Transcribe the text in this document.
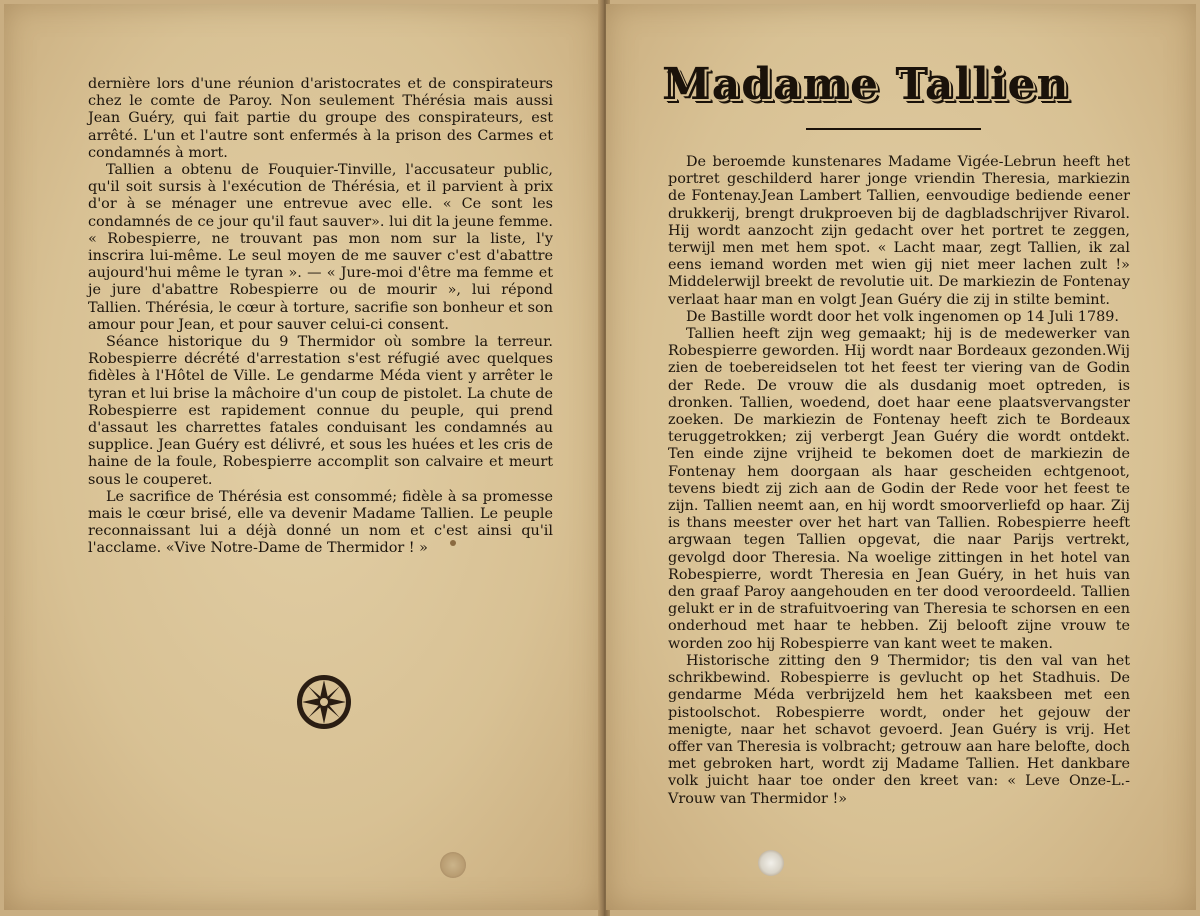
dernière lors d'une réunion d'aristocrates et de conspirateurs chez le comte de Paroy. Non seulement Thérésia mais aussi Jean Guéry, qui fait partie du groupe des conspirateurs, est arrêté. L'un et l'autre sont enfermés à la prison des Carmes et condamnés à mort.

Tallien a obtenu de Fouquier-Tinville, l'accusateur public, qu'il soit sursis à l'exécution de Thérésia, et il parvient à prix d'or à se ménager une entrevue avec elle. « Ce sont les condamnés de ce jour qu'il faut sauver». lui dit la jeune femme. « Robespierre, ne trouvant pas mon nom sur la liste, l'y inscrira lui-même. Le seul moyen de me sauver c'est d'abattre aujourd'hui même le tyran ». — « Jure-moi d'être ma femme et je jure d'abattre Robespierre ou de mourir », lui répond Tallien. Thérésia, le cœur à torture, sacrifie son bonheur et son amour pour Jean, et pour sauver celui-ci consent.

Séance historique du 9 Thermidor où sombre la terreur. Robespierre décrété d'arrestation s'est réfugié avec quelques fidèles à l'Hôtel de Ville. Le gendarme Méda vient y arrêter le tyran et lui brise la mâchoire d'un coup de pistolet. La chute de Robespierre est rapidement connue du peuple, qui prend d'assaut les charrettes fatales conduisant les condamnés au supplice. Jean Guéry est délivré, et sous les huées et les cris de haine de la foule, Robespierre accomplit son calvaire et meurt sous le couperet.

Le sacrifice de Thérésia est consommé; fidèle à sa promesse mais le cœur brisé, elle va devenir Madame Tallien. Le peuple reconnaissant lui a déjà donné un nom et c'est ainsi qu'il l'acclame. «Vive Notre-Dame de Thermidor ! »

Madame Tallien

De beroemde kunstenares Madame Vigée-Lebrun heeft het portret geschilderd harer jonge vriendin Theresia, markiezin de Fontenay.Jean Lambert Tallien, eenvoudige bediende eener drukkerij, brengt drukproeven bij de dagbladschrijver Rivarol. Hij wordt aanzocht zijn gedacht over het portret te zeggen, terwijl men met hem spot. « Lacht maar, zegt Tallien, ik zal eens iemand worden met wien gij niet meer lachen zult !» Middelerwijl breekt de revolutie uit. De markiezin de Fontenay verlaat haar man en volgt Jean Guéry die zij in stilte bemint.

De Bastille wordt door het volk ingenomen op 14 Juli 1789.

Tallien heeft zijn weg gemaakt; hij is de medewerker van Robespierre geworden. Hij wordt naar Bordeaux gezonden.Wij zien de toebereidselen tot het feest ter viering van de Godin der Rede. De vrouw die als dusdanig moet optreden, is dronken. Tallien, woedend, doet haar eene plaatsvervangster zoeken. De markiezin de Fontenay heeft zich te Bordeaux teruggetrokken; zij verbergt Jean Guéry die wordt ontdekt. Ten einde zijne vrijheid te bekomen doet de markiezin de Fontenay hem doorgaan als haar gescheiden echtgenoot, tevens biedt zij zich aan de Godin der Rede voor het feest te zijn. Tallien neemt aan, en hij wordt smoorverliefd op haar. Zij is thans meester over het hart van Tallien. Robespierre heeft argwaan tegen Tallien opgevat, die naar Parijs vertrekt, gevolgd door Theresia. Na woelige zittingen in het hotel van Robespierre, wordt Theresia en Jean Guéry, in het huis van den graaf Paroy aangehouden en ter dood veroordeeld. Tallien gelukt er in de strafuitvoering van Theresia te schorsen en een onderhoud met haar te hebben. Zij belooft zijne vrouw te worden zoo hij Robespierre van kant weet te maken.

Historische zitting den 9 Thermidor; tis den val van het schrikbewind. Robespierre is gevlucht op het Stadhuis. De gendarme Méda verbrijzeld hem het kaaksbeen met een pistoolschot. Robespierre wordt, onder het gejouw der menigte, naar het schavot gevoerd. Jean Guéry is vrij. Het offer van Theresia is volbracht; getrouw aan hare belofte, doch met gebroken hart, wordt zij Madame Tallien. Het dankbare volk juicht haar toe onder den kreet van: « Leve Onze-L.-Vrouw van Thermidor !»
